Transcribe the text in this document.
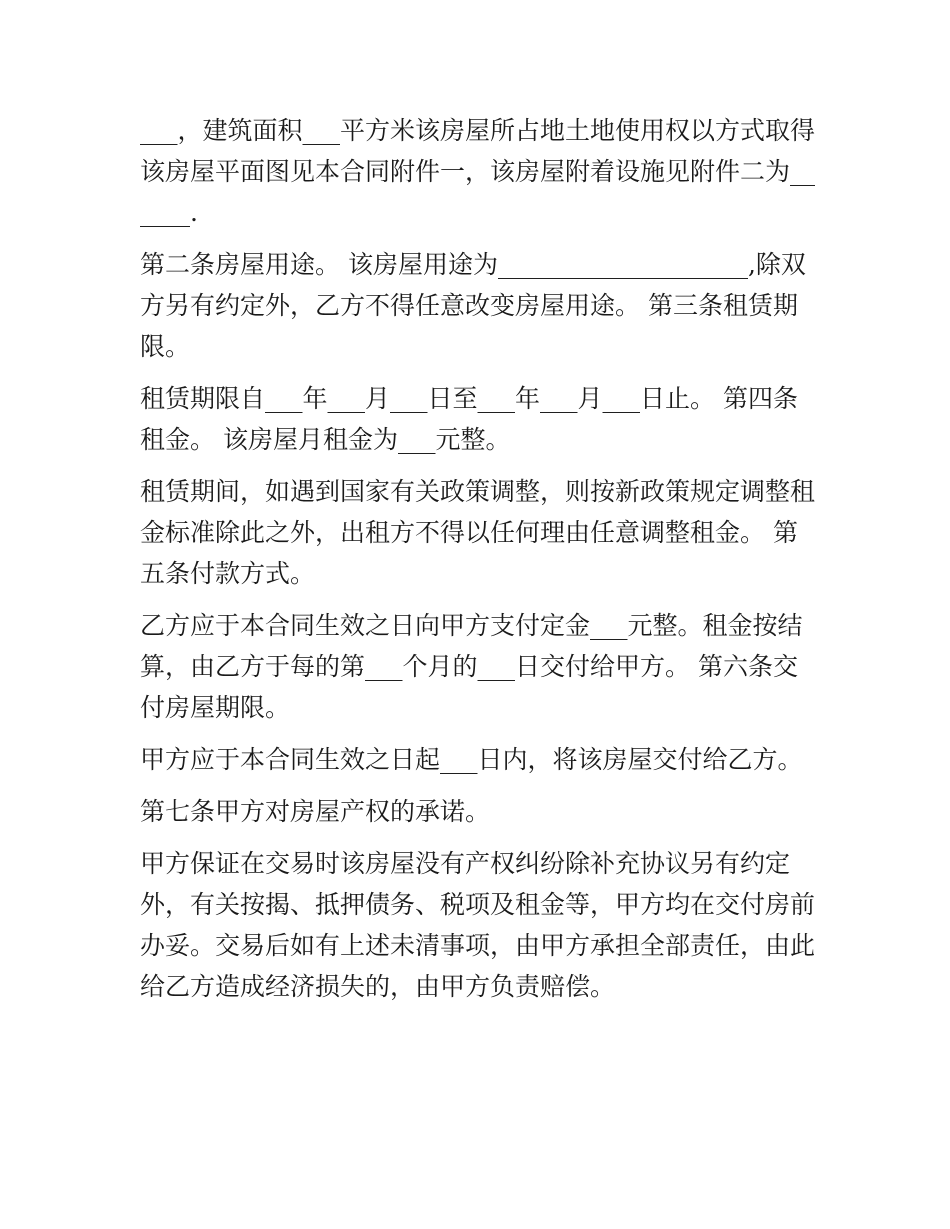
___，建筑面积___平方米该房屋所占地土地使用权以方式取得该房屋平面图见本合同附件一，该房屋附着设施见附件二为______.

第二条房屋用途。 该房屋用途为____________________,除双方另有约定外，乙方不得任意改变房屋用途。 第三条租赁期限。

租赁期限自___年___月___日至___年___月___日止。 第四条租金。 该房屋月租金为___元整。

租赁期间，如遇到国家有关政策调整，则按新政策规定调整租金标准除此之外，出租方不得以任何理由任意调整租金。 第五条付款方式。

乙方应于本合同生效之日向甲方支付定金___元整。租金按结算，由乙方于每的第___个月的___日交付给甲方。 第六条交付房屋期限。

甲方应于本合同生效之日起___日内，将该房屋交付给乙方。

第七条甲方对房屋产权的承诺。

甲方保证在交易时该房屋没有产权纠纷除补充协议另有约定外，有关按揭、抵押债务、税项及租金等，甲方均在交付房前办妥。交易后如有上述未清事项，由甲方承担全部责任，由此给乙方造成经济损失的，由甲方负责赔偿。
